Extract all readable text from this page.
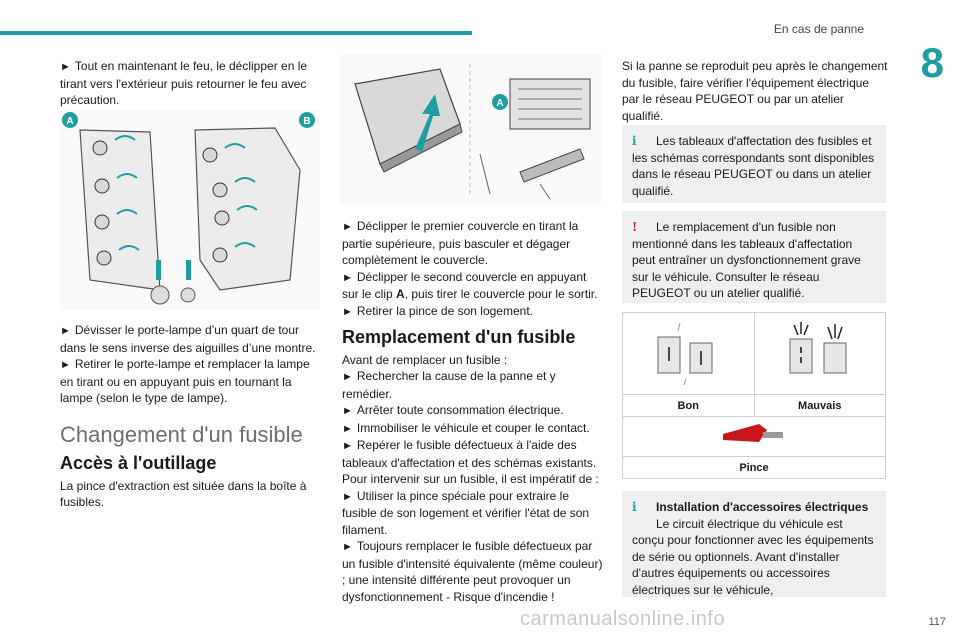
En cas de panne
8

► Tout en maintenant le feu, le déclipper en le tirant vers l'extérieur puis retourner le feu avec précaution.

A	B

► Dévisser le porte-lampe d’un quart de tour dans le sens inverse des aiguilles d’une montre.

► Retirer le porte-lampe et remplacer la lampe en tirant ou en appuyant puis en tournant la lampe (selon le type de lampe).

Changement d'un fusible

Accès à l'outillage

La pince d'extraction est située dans la boîte à fusibles.

A

► Déclipper le premier couvercle en tirant la partie supérieure, puis basculer et dégager complètement le couvercle.

► Déclipper le second couvercle en appuyant sur le clip A, puis tirer le couvercle pour le sortir.

► Retirer la pince de son logement.

Remplacement d'un fusible

Avant de remplacer un fusible :

► Rechercher la cause de la panne et y remédier.

► Arrêter toute consommation électrique.

► Immobiliser le véhicule et couper le contact.

► Repérer le fusible défectueux à l'aide des tableaux d'affectation et des schémas existants.

Pour intervenir sur un fusible, il est impératif de :

► Utiliser la pince spéciale pour extraire le fusible de son logement et vérifier l'état de son filament.

► Toujours remplacer le fusible défectueux par un fusible d'intensité équivalente (même couleur) ; une intensité différente peut provoquer un dysfonctionnement - Risque d'incendie !

Si la panne se reproduit peu après le changement du fusible, faire vérifier l'équipement électrique par le réseau PEUGEOT ou par un atelier qualifié.

i	Les tableaux d'affectation des fusibles et les schémas correspondants sont disponibles dans le réseau PEUGEOT ou dans un atelier qualifié.

!	Le remplacement d'un fusible non mentionné dans les tableaux d'affectation peut entraîner un dysfonctionnement grave sur le véhicule. Consulter le réseau PEUGEOT ou un atelier qualifié.

Bon	Mauvais

Pince	
i	Installation d'accessoires électriques

Le circuit électrique du véhicule est conçu pour fonctionner avec les équipements de série ou optionnels. Avant d'installer d'autres équipements ou accessoires électriques sur le véhicule,

carmanualsonline.info	117
